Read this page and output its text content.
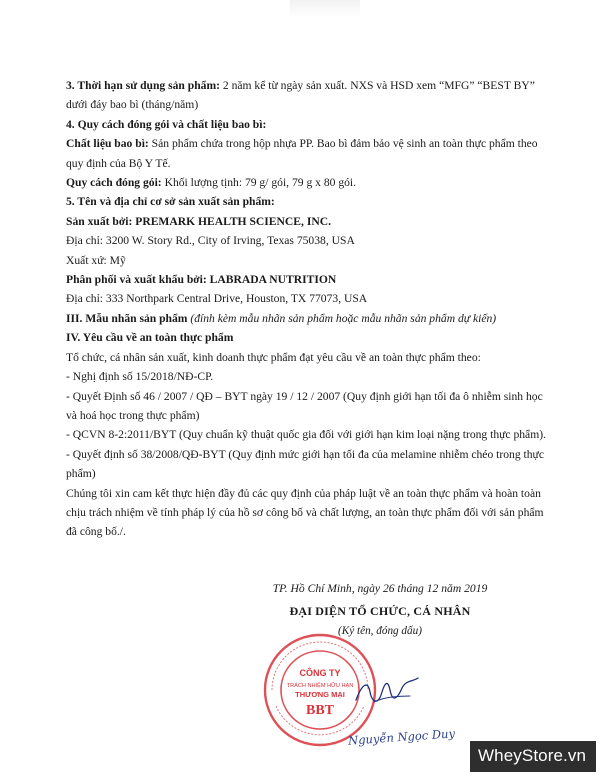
3. Thời hạn sử dụng sản phẩm: 2 năm kể từ ngày sản xuất. NXS và HSD xem “MFG” “BEST BY” dưới đáy bao bì (tháng/năm)

4. Quy cách đóng gói và chất liệu bao bì:

Chất liệu bao bì: Sản phẩm chứa trong hộp nhựa PP. Bao bì đảm bảo vệ sinh an toàn thực phẩm theo quy định của Bộ Y Tế.

Quy cách đóng gói: Khối lượng tịnh: 79 g/ gói, 79 g x 80 gói.

5. Tên và địa chỉ cơ sở sản xuất sản phẩm:

Sản xuất bởi: PREMARK HEALTH SCIENCE, INC.

Địa chỉ: 3200 W. Story Rd., City of Irving, Texas 75038, USA

Xuất xứ: Mỹ

Phân phối và xuất khẩu bởi: LABRADA NUTRITION

Địa chỉ: 333 Northpark Central Drive, Houston, TX 77073, USA

III. Mẫu nhãn sản phẩm (đính kèm mẫu nhãn sản phẩm hoặc mẫu nhãn sản phẩm dự kiến)

IV. Yêu cầu về an toàn thực phẩm

Tổ chức, cá nhân sản xuất, kinh doanh thực phẩm đạt yêu cầu về an toàn thực phẩm theo:

- Nghị định số 15/2018/NĐ-CP.

- Quyết Định số 46 / 2007 / QĐ – BYT ngày 19 / 12 / 2007 (Quy định giới hạn tối đa ô nhiễm sinh học và hoá học trong thực phẩm)

- QCVN 8-2:2011/BYT (Quy chuẩn kỹ thuật quốc gia đối với giới hạn kim loại nặng trong thực phẩm).

- Quyết định số 38/2008/QĐ-BYT (Quy định mức giới hạn tối đa của melamine nhiễm chéo trong thực phẩm)

Chúng tôi xin cam kết thực hiện đầy đủ các quy định của pháp luật về an toàn thực phẩm và hoàn toàn chịu trách nhiệm về tính pháp lý của hồ sơ công bố và chất lượng, an toàn thực phẩm đối với sản phẩm đã công bố./.

TP. Hồ Chí Minh, ngày 26 tháng 12 năm 2019
ĐẠI DIỆN TỔ CHỨC, CÁ NHÂN
(Ký tên, đóng dấu)
CÔNG TY
TRÁCH NHIỆM HỮU HẠN
THƯƠNG MẠI
BBT
Nguyễn Ngọc Duy
WheyStore.vn
